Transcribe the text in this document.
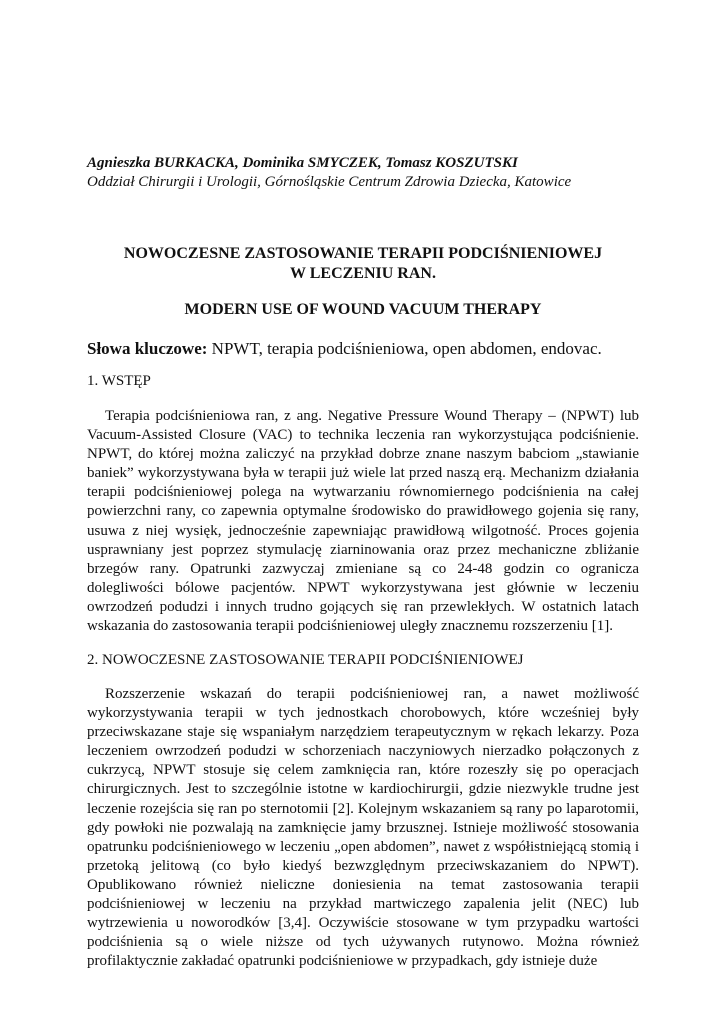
Agnieszka BURKACKA, Dominika SMYCZEK, Tomasz KOSZUTSKI
Oddział Chirurgii i Urologii, Górnośląskie Centrum Zdrowia Dziecka, Katowice
NOWOCZESNE ZASTOSOWANIE TERAPII PODCIŚNIENIOWEJ
W LECZENIU RAN.
MODERN USE OF WOUND VACUUM THERAPY
Słowa kluczowe: NPWT, terapia podciśnieniowa, open abdomen, endovac.
1. WSTĘP
Terapia podciśnieniowa ran, z ang. Negative Pressure Wound Therapy – (NPWT) lub Vacuum-Assisted Closure (VAC) to technika leczenia ran wykorzystująca podciśnienie. NPWT, do której można zaliczyć na przykład dobrze znane naszym babciom „stawianie baniek” wykorzystywana była w terapii już wiele lat przed naszą erą. Mechanizm działania terapii podciśnieniowej polega na wytwarzaniu równomiernego podciśnienia na całej powierzchni rany, co zapewnia optymalne środowisko do prawidłowego gojenia się rany, usuwa z niej wysięk, jednocześnie zapewniając prawidłową wilgotność. Proces gojenia usprawniany jest poprzez stymulację ziarninowania oraz przez mechaniczne zbliżanie brzegów rany. Opatrunki zazwyczaj zmieniane są co 24-48 godzin co ogranicza dolegliwości bólowe pacjentów. NPWT wykorzystywana jest głównie w leczeniu owrzodzeń podudzi i innych trudno gojących się ran przewlekłych. W ostatnich latach wskazania do zastosowania terapii podciśnieniowej uległy znacznemu rozszerzeniu [1].
2. NOWOCZESNE ZASTOSOWANIE TERAPII PODCIŚNIENIOWEJ
Rozszerzenie wskazań do terapii podciśnieniowej ran, a nawet możliwość wykorzystywania terapii w tych jednostkach chorobowych, które wcześniej były przeciwskazane staje się wspaniałym narzędziem terapeutycznym w rękach lekarzy. Poza leczeniem owrzodzeń podudzi w schorzeniach naczyniowych nierzadko połączonych z cukrzycą, NPWT stosuje się celem zamknięcia ran, które rozeszły się po operacjach chirurgicznych. Jest to szczególnie istotne w kardiochirurgii, gdzie niezwykle trudne jest leczenie rozejścia się ran po sternotomii [2]. Kolejnym wskazaniem są rany po laparotomii, gdy powłoki nie pozwalają na zamknięcie jamy brzusznej. Istnieje możliwość stosowania opatrunku podciśnieniowego w leczeniu „open abdomen”, nawet z współistniejącą stomią i przetoką jelitową (co było kiedyś bezwzględnym przeciwskazaniem do NPWT). Opublikowano również nieliczne doniesienia na temat zastosowania terapii podciśnieniowej w leczeniu na przykład martwiczego zapalenia jelit (NEC) lub wytrzewienia u noworodków [3,4]. Oczywiście stosowane w tym przypadku wartości podciśnienia są o wiele niższe od tych używanych rutynowo. Można również profilaktycznie zakładać opatrunki podciśnieniowe w przypadkach, gdy istnieje duże
